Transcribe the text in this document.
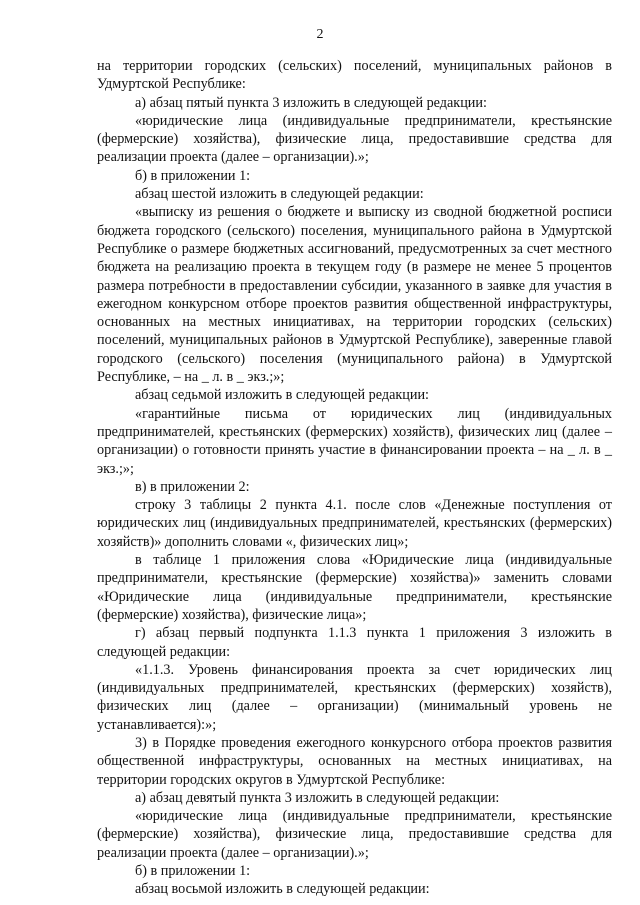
2

на территории городских (сельских) поселений, муниципальных районов в Удмуртской Республике:

а) абзац пятый пункта 3 изложить в следующей редакции:

«юридические лица (индивидуальные предприниматели, крестьянские (фермерские) хозяйства), физические лица, предоставившие средства для реализации проекта (далее – организации).»;

б) в приложении 1:

абзац шестой изложить в следующей редакции:

«выписку из решения о бюджете и выписку из сводной бюджетной росписи бюджета городского (сельского) поселения, муниципального района в Удмуртской Республике о размере бюджетных ассигнований, предусмотренных за счет местного бюджета на реализацию проекта в текущем году (в размере не менее 5 процентов размера потребности в предоставлении субсидии, указанного в заявке для участия в ежегодном конкурсном отборе проектов развития общественной инфраструктуры, основанных на местных инициативах, на территории городских (сельских) поселений, муниципальных районов в Удмуртской Республике), заверенные главой городского (сельского) поселения (муниципального района) в Удмуртской Республике, – на _ л. в _ экз.;»;

абзац седьмой изложить в следующей редакции:

«гарантийные письма от юридических лиц (индивидуальных предпринимателей, крестьянских (фермерских) хозяйств), физических лиц (далее – организации) о готовности принять участие в финансировании проекта – на _ л. в _ экз.;»;

в) в приложении 2:

строку 3 таблицы 2 пункта 4.1. после слов «Денежные поступления от юридических лиц (индивидуальных предпринимателей, крестьянских (фермерских) хозяйств)» дополнить словами «, физических лиц»;

в таблице 1 приложения слова «Юридические лица (индивидуальные предприниматели, крестьянские (фермерские) хозяйства)» заменить словами «Юридические лица (индивидуальные предприниматели, крестьянские (фермерские) хозяйства), физические лица»;

г) абзац первый подпункта 1.1.3 пункта 1 приложения 3 изложить в следующей редакции:

«1.1.3. Уровень финансирования проекта за счет юридических лиц (индивидуальных предпринимателей, крестьянских (фермерских) хозяйств), физических лиц (далее – организации) (минимальный уровень не устанавливается):»;

3) в Порядке проведения ежегодного конкурсного отбора проектов развития общественной инфраструктуры, основанных на местных инициативах, на территории городских округов в Удмуртской Республике:

а) абзац девятый пункта 3 изложить в следующей редакции:

«юридические лица (индивидуальные предприниматели, крестьянские (фермерские) хозяйства), физические лица, предоставившие средства для реализации проекта (далее – организации).»;

б) в приложении 1:

абзац восьмой изложить в следующей редакции:
